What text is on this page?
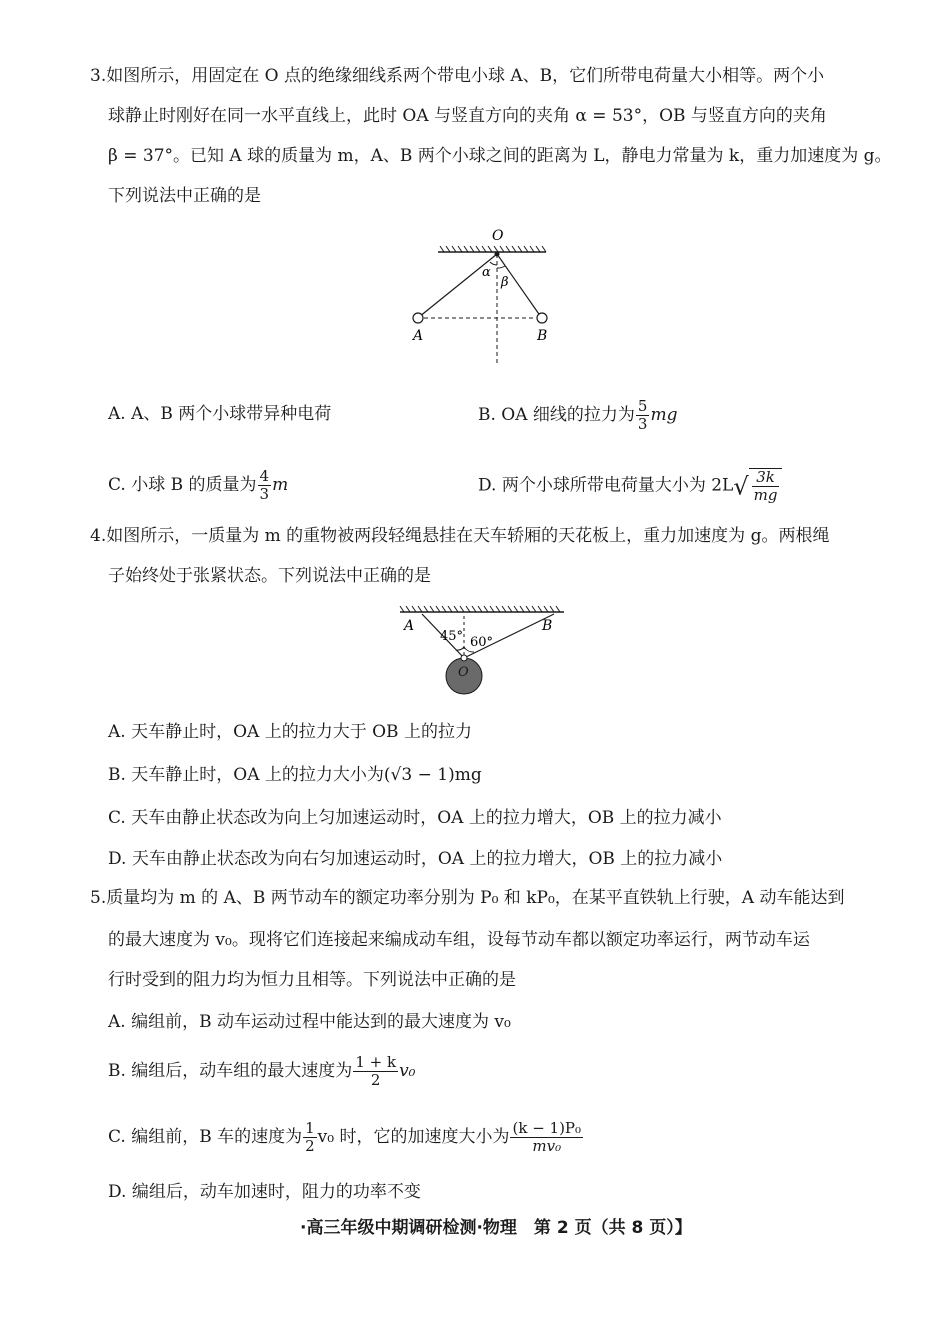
3.如图所示，用固定在 O 点的绝缘细线系两个带电小球 A、B，它们所带电荷量大小相等。两个小
球静止时刚好在同一水平直线上，此时 OA 与竖直方向的夹角 α = 53°，OB 与竖直方向的夹角
β = 37°。已知 A 球的质量为 m，A、B 两个小球之间的距离为 L，静电力常量为 k，重力加速度为 g。
下列说法中正确的是
O
α
β
A	B
A. A、B 两个小球带异种电荷	B. OA 细线的拉力为 $\frac{5}{3}$ mg
C. 小球 B 的质量为 $\frac{4}{3}$ m	D. 两个小球所带电荷量大小为 $2L√ \frac{3k}{mg}$
4.如图所示，一质量为 m 的重物被两段轻绳悬挂在天车轿厢的天花板上，重力加速度为 g。两根绳
子始终处于张紧状态。下列说法中正确的是
A	B
45° 60°
O
A. 天车静止时，OA 上的拉力大于 OB 上的拉力
B. 天车静止时，OA 上的拉力大小为(√3 − 1)mg
C. 天车由静止状态改为向上匀加速运动时，OA 上的拉力增大，OB 上的拉力减小
D. 天车由静止状态改为向右匀加速运动时，OA 上的拉力增大，OB 上的拉力减小
5.质量均为 m 的 A、B 两节动车的额定功率分别为 P₀ 和 kP₀，在某平直铁轨上行驶，A 动车能达到
的最大速度为 v₀。现将它们连接起来编成动车组，设每节动车都以额定功率运行，两节动车运
行时受到的阻力均为恒力且相等。下列说法中正确的是
A. 编组前，B 动车运动过程中能达到的最大速度为 v₀
B. 编组后，动车组的最大速度为 $\frac{1 + k}{2} v_0$
C. 编组前，B 车的速度为 $\frac{1}{2} v_0$ 时，它的加速度大小为 $\frac{\text{(k − 1)P₀}}{\text{mv₀}}$
D. 编组后，动车加速时，阻力的功率不变
·高三年级中期调研检测·物理　第 2 页（共 8 页）】
